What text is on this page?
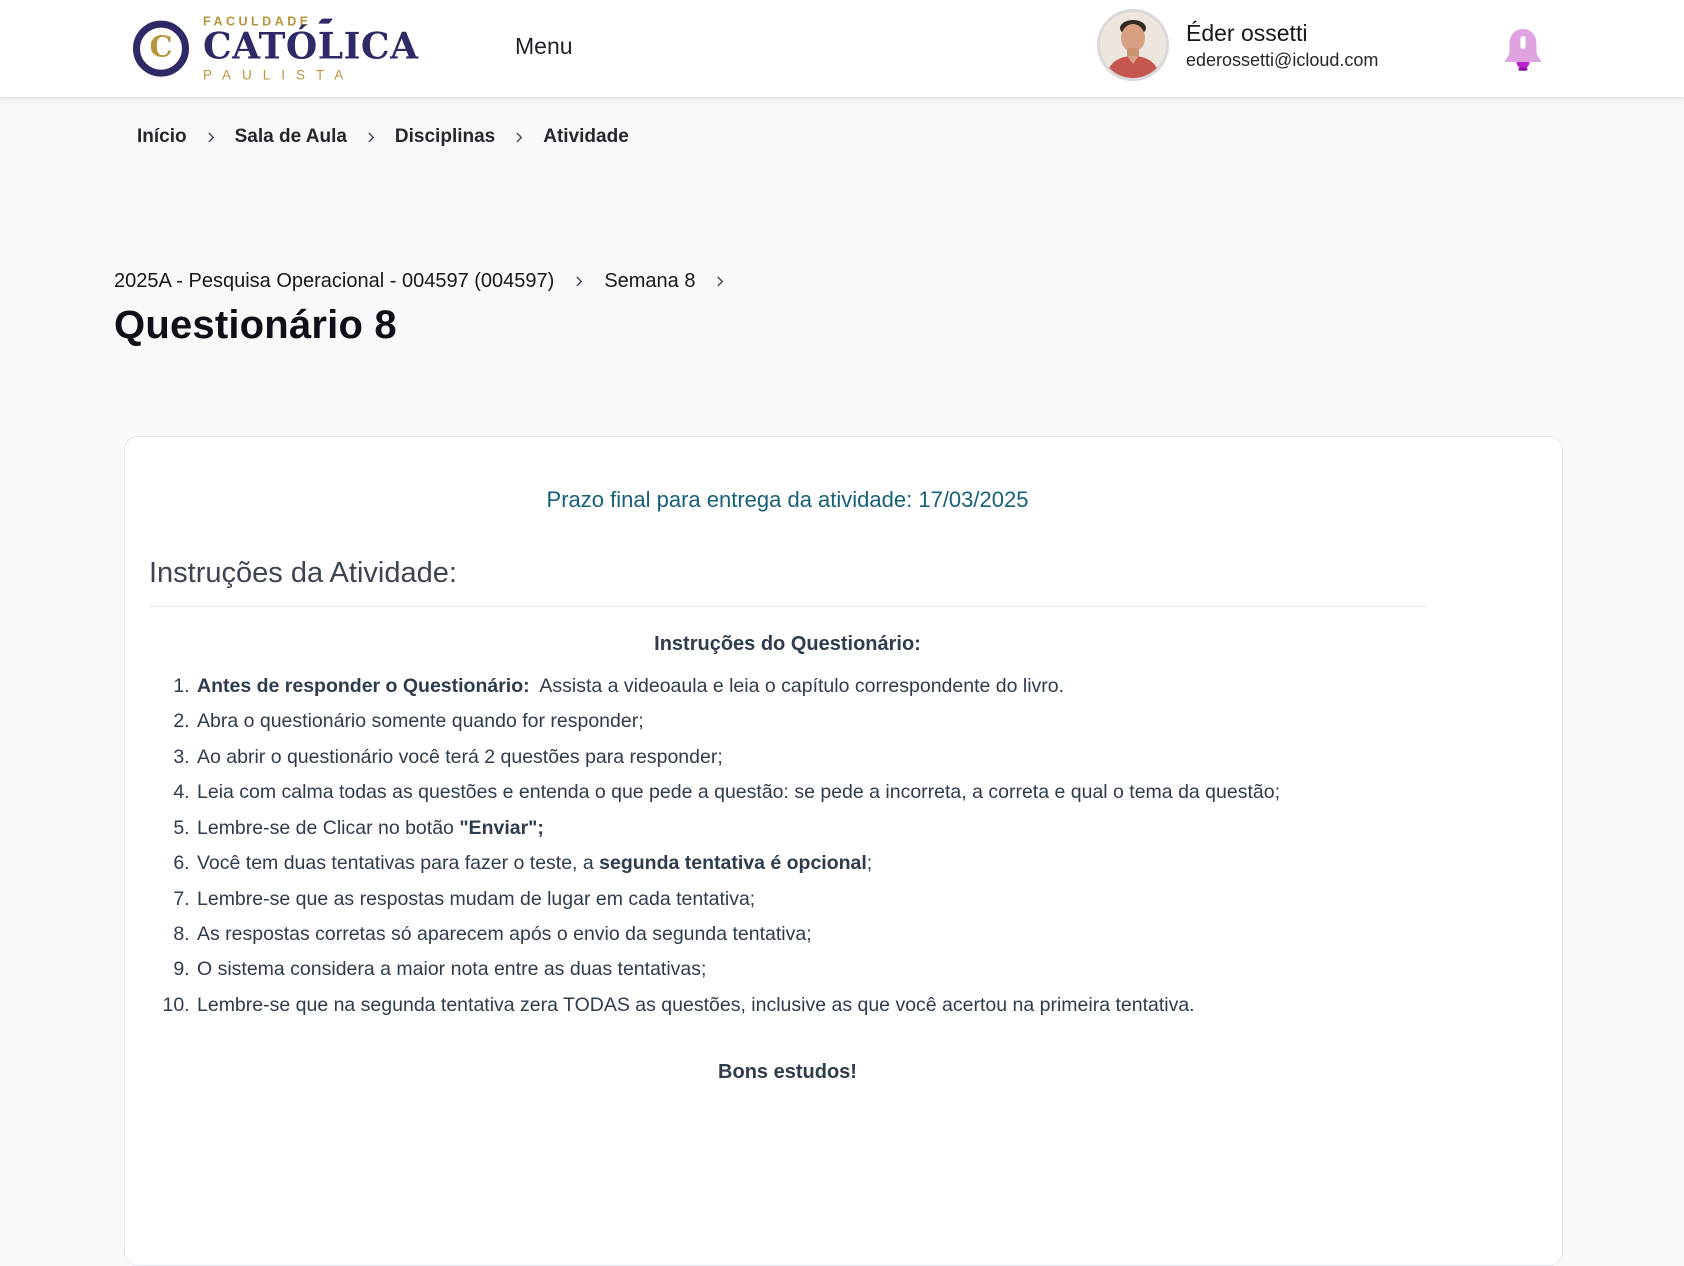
C
FACULDADE
CATÓLICA
PAULISTA
Menu
Éder ossetti
ederossetti@icloud.com
Início	Sala de Aula	Disciplinas	Atividade
2025A - Pesquisa Operacional - 004597 (004597)	Semana 8
Questionário 8

Prazo final para entrega da atividade: 17/03/2025

Instruções da Atividade:

Instruções do Questionário:

1. Antes de responder o Questionário:  Assista a videoaula e leia o capítulo correspondente do livro.
2. Abra o questionário somente quando for responder;
3. Ao abrir o questionário você terá 2 questões para responder;
4. Leia com calma todas as questões e entenda o que pede a questão: se pede a incorreta, a correta e qual o tema da questão;
5. Lembre-se de Clicar no botão "Enviar";
6. Você tem duas tentativas para fazer o teste, a segunda tentativa é opcional;
7. Lembre-se que as respostas mudam de lugar em cada tentativa;
8. As respostas corretas só aparecem após o envio da segunda tentativa;
9. O sistema considera a maior nota entre as duas tentativas;
10. Lembre-se que na segunda tentativa zera TODAS as questões, inclusive as que você acertou na primeira tentativa.

Bons estudos!
